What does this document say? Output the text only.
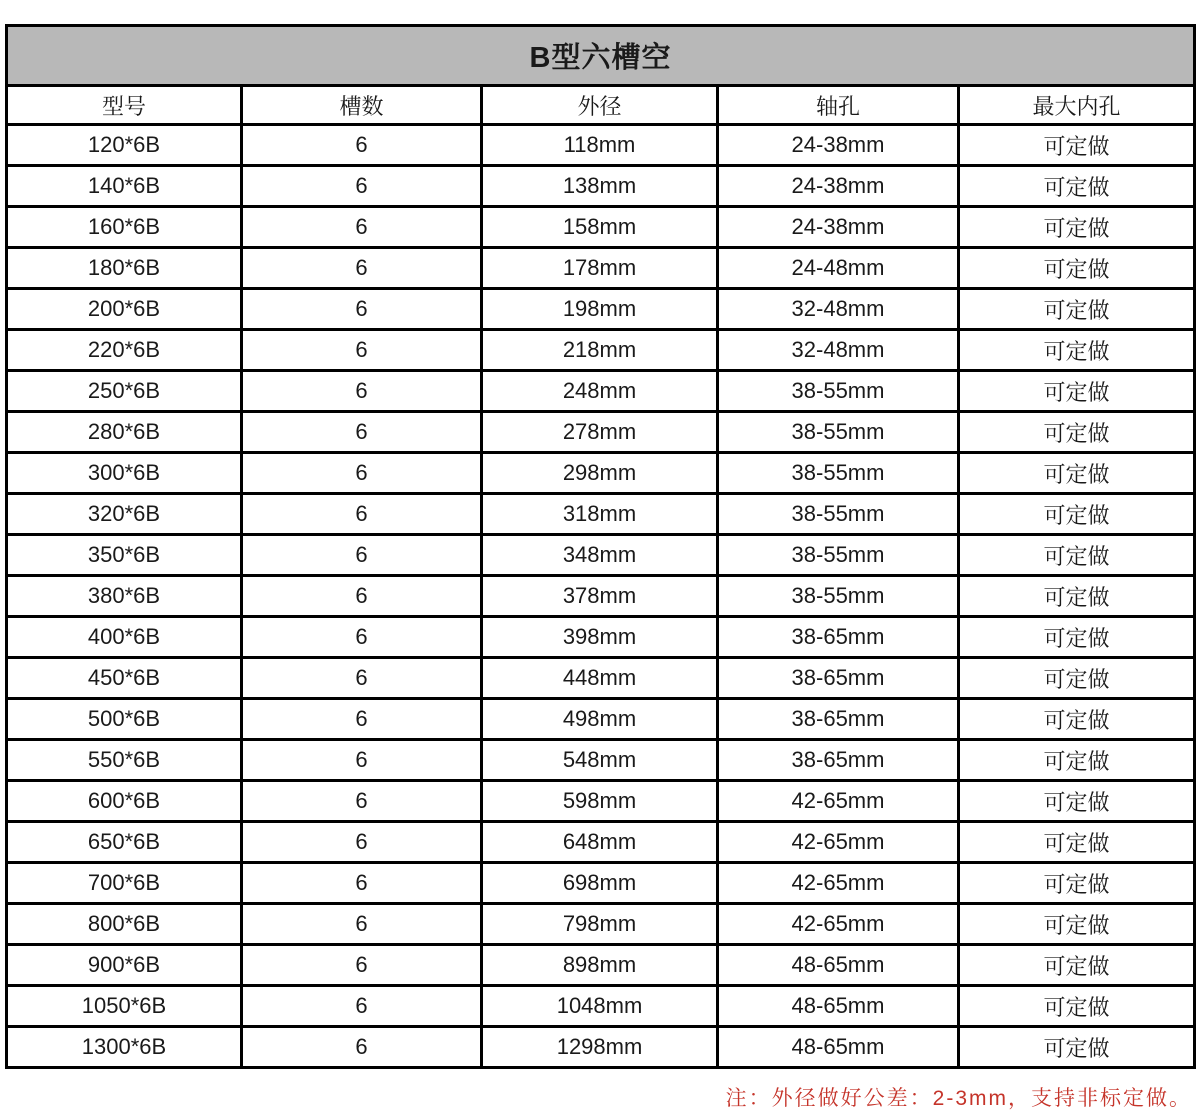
B型六槽空				
型号	槽数	外径	轴孔	最大内孔
120*6B	6	118mm	24-38mm	可定做
140*6B	6	138mm	24-38mm	可定做
160*6B	6	158mm	24-38mm	可定做
180*6B	6	178mm	24-48mm	可定做
200*6B	6	198mm	32-48mm	可定做
220*6B	6	218mm	32-48mm	可定做
250*6B	6	248mm	38-55mm	可定做
280*6B	6	278mm	38-55mm	可定做
300*6B	6	298mm	38-55mm	可定做
320*6B	6	318mm	38-55mm	可定做
350*6B	6	348mm	38-55mm	可定做
380*6B	6	378mm	38-55mm	可定做
400*6B	6	398mm	38-65mm	可定做
450*6B	6	448mm	38-65mm	可定做
500*6B	6	498mm	38-65mm	可定做
550*6B	6	548mm	38-65mm	可定做
600*6B	6	598mm	42-65mm	可定做
650*6B	6	648mm	42-65mm	可定做
700*6B	6	698mm	42-65mm	可定做
800*6B	6	798mm	42-65mm	可定做
900*6B	6	898mm	48-65mm	可定做
1050*6B	6	1048mm	48-65mm	可定做
1300*6B	6	1298mm	48-65mm	可定做
注：外径做好公差：2-3mm，支持非标定做。
